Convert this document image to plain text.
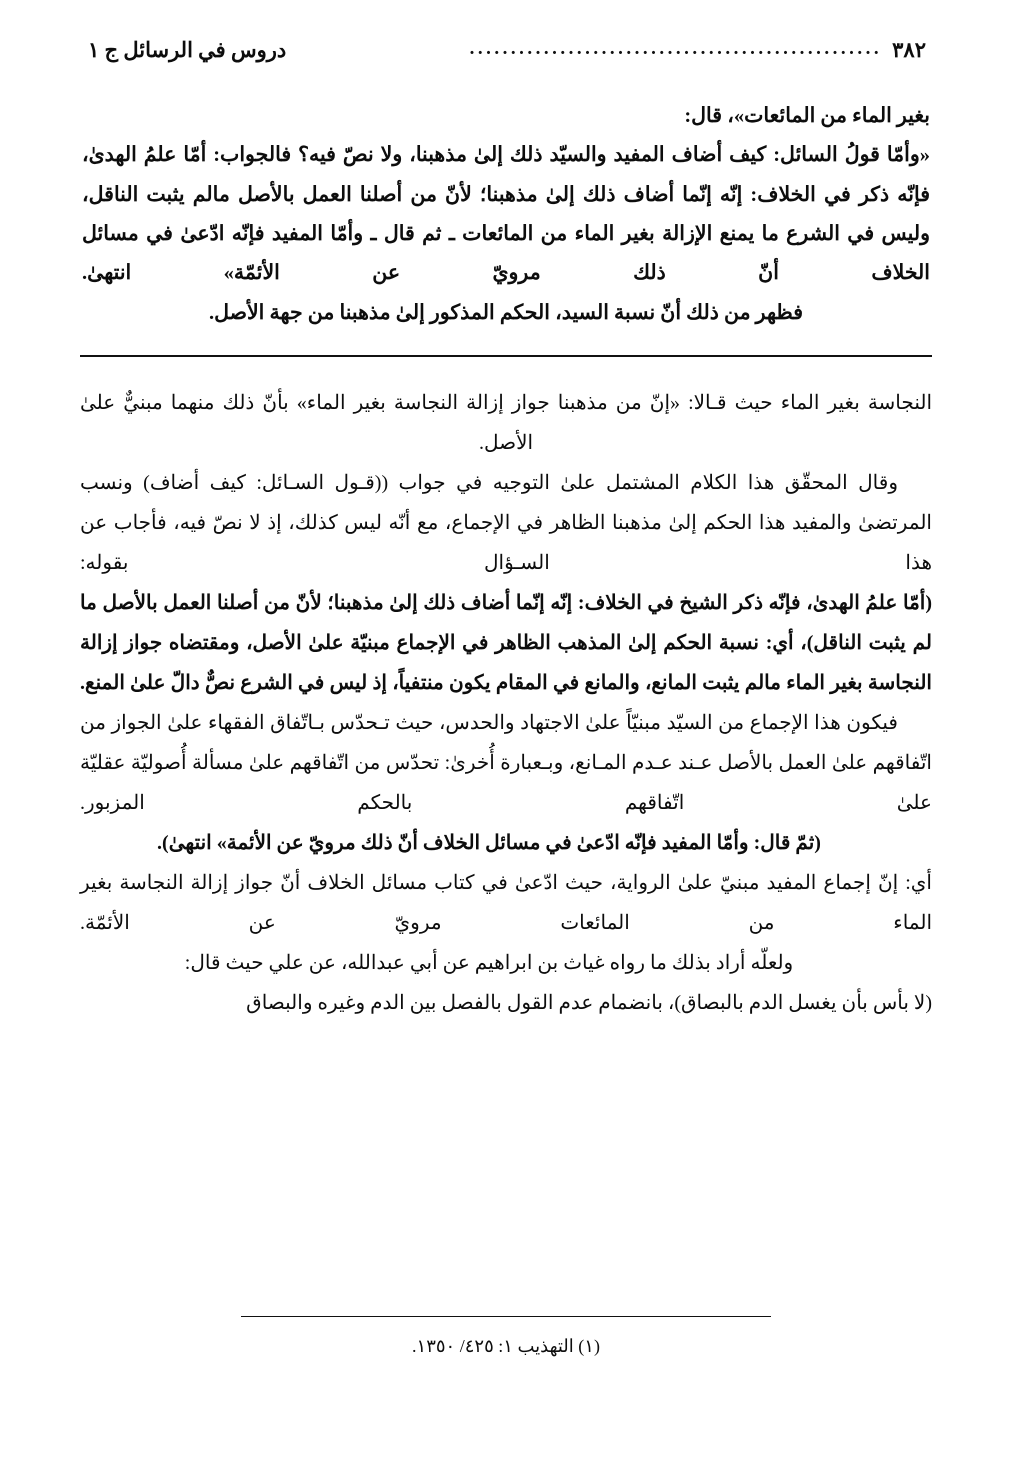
٣٨٢
..................................................
دروس في الرسائل ج ١

بغير الماء من المائعات»، قال:

«وأمّا قولُ السائل: كيف أضاف المفيد والسيّد ذلك إلىٰ مذهبنا، ولا نصّ فيه؟ فالجواب: أمّا علمُ الهدىٰ، فإنّه ذكر في الخلاف: إنّه إنّما أضاف ذلك إلىٰ مذهبنا؛ لأنّ من أصلنا العمل بالأصل مالم يثبت الناقل، وليس في الشرع ما يمنع الإزالة بغير الماء من المائعات ـ ثم قال ـ وأمّا المفيد فإنّه ادّعىٰ في مسائل الخلاف أنّ ذلك مرويّ عن الأئمّة» انتهىٰ.

فظهر من ذلك أنّ نسبة السيد، الحكم المذكور إلىٰ مذهبنا من جهة الأصل.

النجاسة بغير الماء حيث قـالا: «إنّ من مذهبنا جواز إزالة النجاسة بغير الماء» بأنّ ذلك منهما مبنيٌّ علىٰ الأصل.

وقال المحقّق هذا الكلام المشتمل علىٰ التوجيه في جواب ((قـول السـائل: كيف أضاف) ونسب المرتضىٰ والمفيد هذا الحكم إلىٰ مذهبنا الظاهر في الإجماع، مع أنّه ليس كذلك، إذ لا نصّ فيه، فأجاب عن هذا السـؤال بقوله:

(أمّا علمُ الهدىٰ، فإنّه ذكر الشيخ في الخلاف: إنّه إنّما أضاف ذلك إلىٰ مذهبنا؛ لأنّ من أصلنا العمل بالأصل ما لم يثبت الناقل)، أي: نسبة الحكم إلىٰ المذهب الظاهر في الإجماع مبنيّة علىٰ الأصل، ومقتضاه جواز إزالة النجاسة بغير الماء مالم يثبت المانع، والمانع في المقام يكون منتفياً، إذ ليس في الشرع نصٌّ دالّ علىٰ المنع.

فيكون هذا الإجماع من السيّد مبنيّاً علىٰ الاجتهاد والحدس، حيث تـحدّس بـاتّفاق الفقهاء علىٰ الجواز من اتّفاقهم علىٰ العمل بالأصل عـند عـدم المـانع، وبـعبارة أُخرىٰ: تحدّس من اتّفاقهم علىٰ مسألة أُصوليّة عقليّة علىٰ اتّفاقهم بالحكم المزبور.

(ثمّ قال: وأمّا المفيد فإنّه ادّعىٰ في مسائل الخلاف أنّ ذلك مرويّ عن الأئمة» انتهىٰ).

أي: إنّ إجماع المفيد مبنيّ علىٰ الرواية، حيث ادّعىٰ في كتاب مسائل الخلاف أنّ جواز إزالة النجاسة بغير الماء من المائعات مرويّ عن الأئمّة.

ولعلّه أراد بذلك ما رواه غياث بن ابراهيم عن أبي عبدالله، عن علي حيث قال:

(لا بأس بأن يغسل الدم بالبصاق)، بانضمام عدم القول بالفصل بين الدم وغيره والبصاق

(١) التهذيب ١: ٤٢٥/ ١٣٥٠.
